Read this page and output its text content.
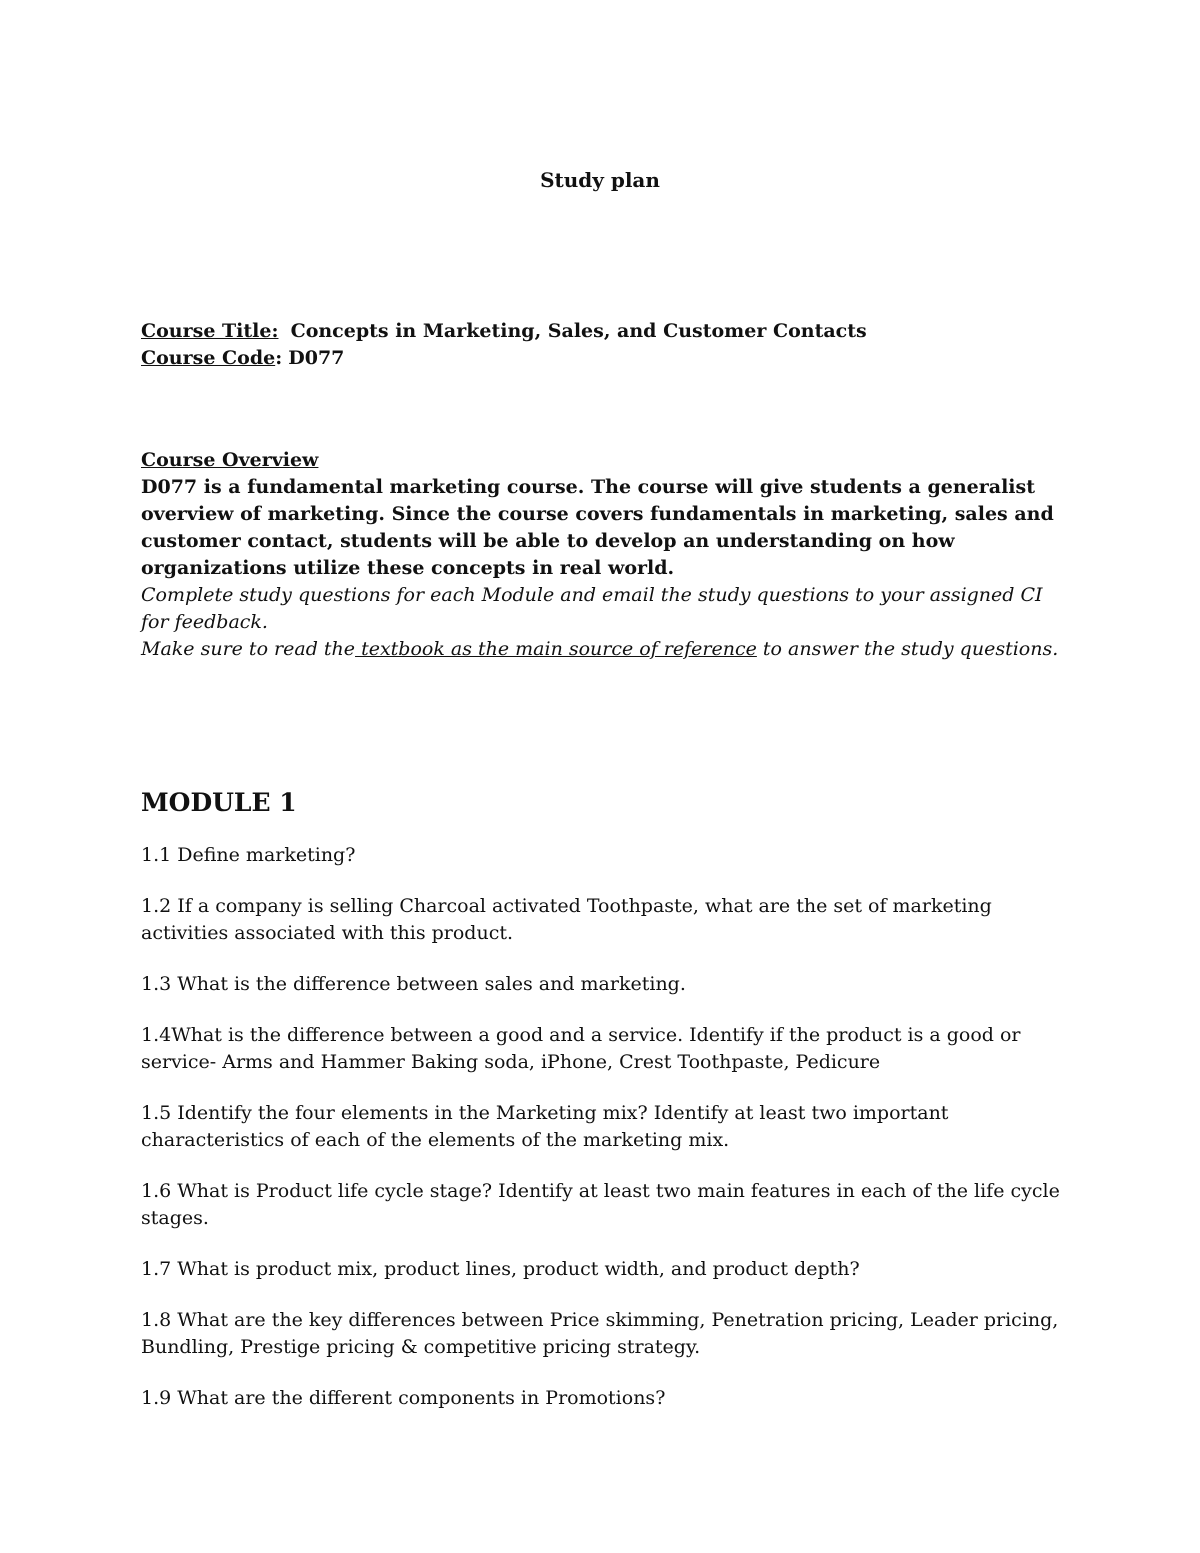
Study plan
Course Title: Concepts in Marketing, Sales, and Customer Contacts
Course Code: D077

Course Overview

D077 is a fundamental marketing course. The course will give students a generalist overview of marketing. Since the course covers fundamentals in marketing, sales and customer contact, students will be able to develop an understanding on how organizations utilize these concepts in real world.

Complete study questions for each Module and email the study questions to your assigned CI for feedback.

Make sure to read the textbook as the main source of reference to answer the study questions.

MODULE 1
1.1 Define marketing?
1.2 If a company is selling Charcoal activated Toothpaste, what are the set of marketing activities associated with this product.
1.3 What is the difference between sales and marketing.
1.4What is the difference between a good and a service. Identify if the product is a good or service- Arms and Hammer Baking soda, iPhone, Crest Toothpaste, Pedicure
1.5 Identify the four elements in the Marketing mix? Identify at least two important characteristics of each of the elements of the marketing mix.
1.6 What is Product life cycle stage? Identify at least two main features in each of the life cycle stages.
1.7 What is product mix, product lines, product width, and product depth?
1.8 What are the key differences between Price skimming, Penetration pricing, Leader pricing, Bundling, Prestige pricing & competitive pricing strategy.
1.9 What are the different components in Promotions?
